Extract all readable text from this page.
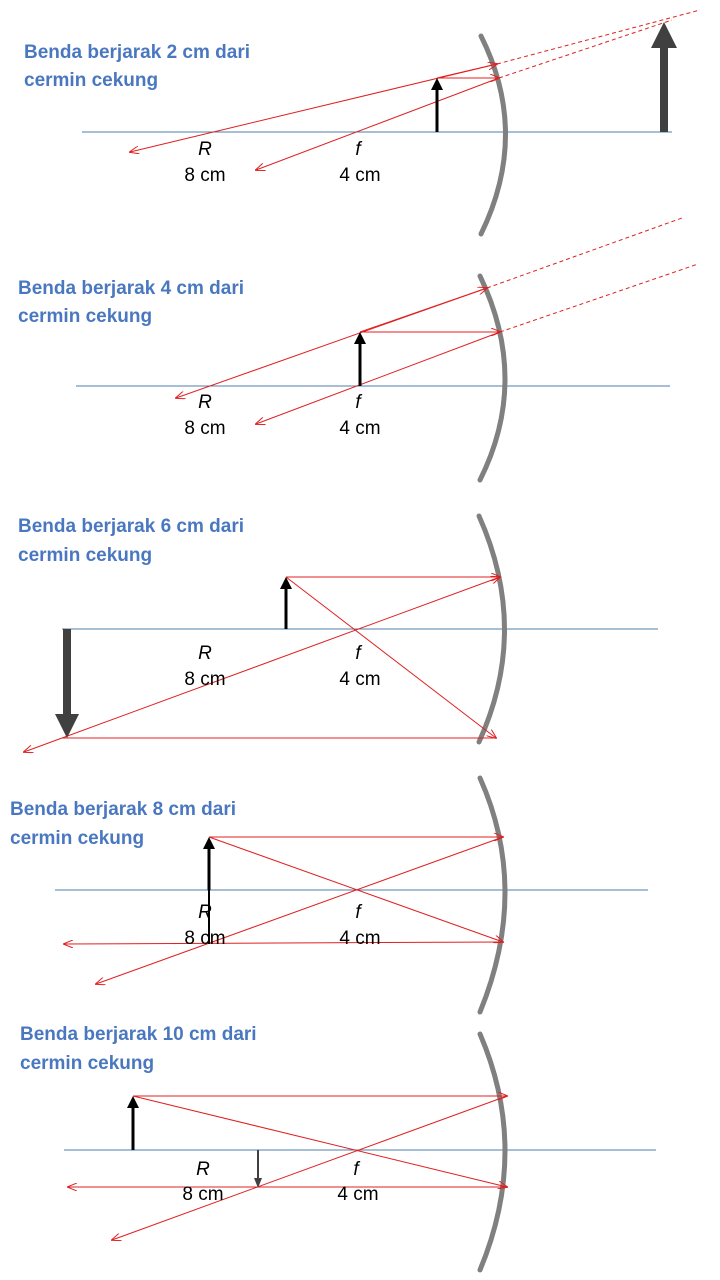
Benda berjarak 2 cm dari
cermin cekung
R
8 cm
f
4 cm
Benda berjarak 4 cm dari
cermin cekung
R
8 cm
f
4 cm
Benda berjarak 6 cm dari
cermin cekung
R
8 cm
f
4 cm
Benda berjarak 8 cm dari
cermin cekung
R
8 cm
f
4 cm
Benda berjarak 10 cm dari
cermin cekung
R
8 cm
f
4 cm
